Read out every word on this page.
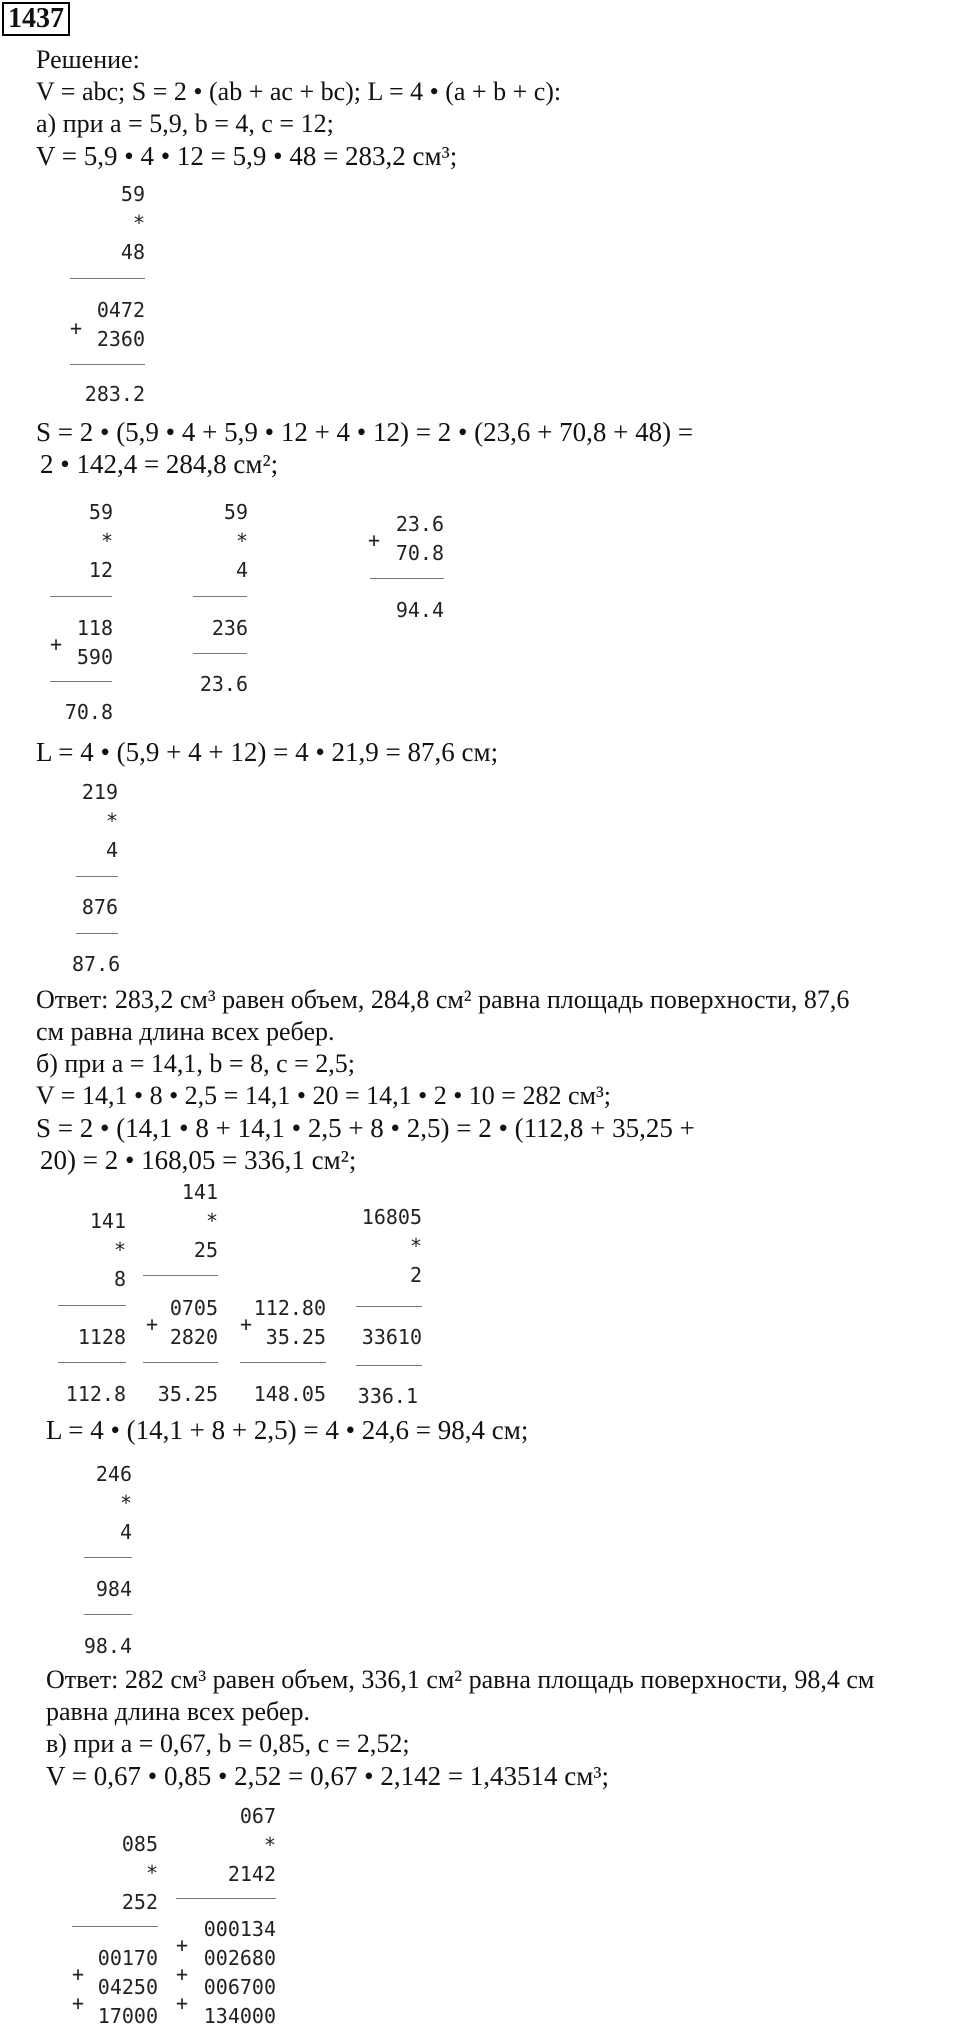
1437
Решение:
V = abc; S = 2 • (ab + ac + bc); L = 4 • (a + b + c):
а) при a = 5,9, b = 4, c = 12;
V = 5,9 • 4 • 12 = 5,9 • 48 = 283,2 см³;
59
*
48
+
0472
2360
283.2
S = 2 • (5,9 • 4 + 5,9 • 12 + 4 • 12) = 2 • (23,6 + 70,8 + 48) =
2 • 142,4 = 284,8 см²;
59
*
12
+
118
590
70.8
59
*
4
236
23.6
+
23.6
70.8
94.4
L = 4 • (5,9 + 4 + 12) = 4 • 21,9 = 87,6 см;
219
*
4
876
87.6
Ответ: 283,2 см³ равен объем, 284,8 см² равна площадь поверхности, 87,6
см равна длина всех ребер.
б) при a = 14,1, b = 8, c = 2,5;
V = 14,1 • 8 • 2,5 = 14,1 • 20 = 14,1 • 2 • 10 = 282 см³;
S = 2 • (14,1 • 8 + 14,1 • 2,5 + 8 • 2,5) = 2 • (112,8 + 35,25 +
20) = 2 • 168,05 = 336,1 см²;
141
*
8
1128
112.8
141
*
25
+
0705
2820
35.25
+
112.80
35.25
148.05
16805
*
2
33610
336.1
L = 4 • (14,1 + 8 + 2,5) = 4 • 24,6 = 98,4 см;
246
*
4
984
98.4
Ответ: 282 см³ равен объем, 336,1 см² равна площадь поверхности, 98,4 см
равна длина всех ребер.
в) при a = 0,67, b = 0,85, c = 2,52;
V = 0,67 • 0,85 • 2,52 = 0,67 • 2,142 = 1,43514 см³;
085
*
252
+
+
00170
04250
17000
067
*
2142
+
+
+
000134
002680
006700
134000
